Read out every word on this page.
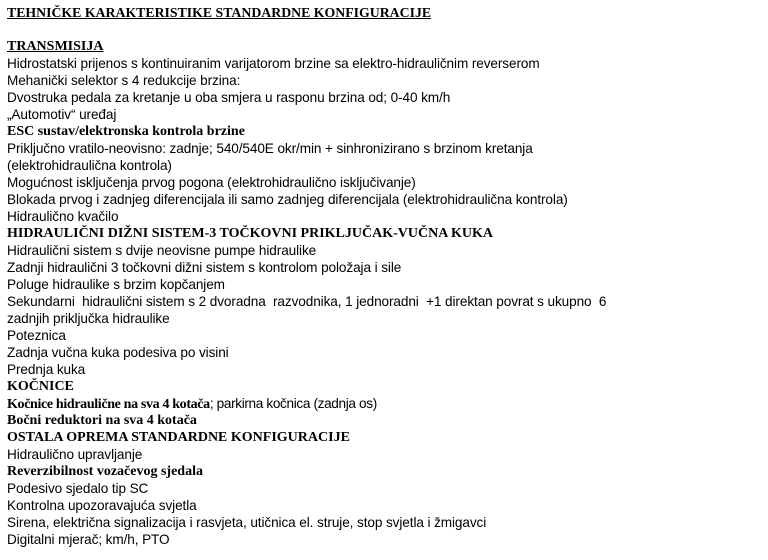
TEHNIČKE KARAKTERISTIKE STANDARDNE KONFIGURACIJE
TRANSMISIJA
Hidrostatski prijenos s kontinuiranim varijatorom brzine sa elektro-hidrauličnim reverserom
Mehanički selektor s 4 redukcije brzina:
Dvostruka pedala za kretanje u oba smjera u rasponu brzina od; 0-40 km/h
„Automotiv“ uređaj
ESC sustav/elektronska kontrola brzine
Priključno vratilo-neovisno: zadnje; 540/540E okr/min + sinhronizirano s brzinom kretanja
(elektrohidraulična kontrola)
Mogućnost isključenja prvog pogona (elektrohidraulično isključivanje)
Blokada prvog i zadnjeg diferencijala ili samo zadnjeg diferencijala (elektrohidraulična kontrola)
Hidraulično kvačilo
HIDRAULIČNI DIŽNI SISTEM-3 TOČKOVNI PRIKLJUČAK-VUČNA KUKA
Hidraulični sistem s dvije neovisne pumpe hidraulike
Zadnji hidraulični 3 točkovni dižni sistem s kontrolom položaja i sile
Poluge hidraulike s brzim kopčanjem
Sekundarni  hidraulični sistem s 2 dvoradna  razvodnika, 1 jednoradni  +1 direktan povrat s ukupno  6
zadnjih priključka hidraulike
Poteznica
Zadnja vučna kuka podesiva po visini
Prednja kuka
KOČNICE
Kočnice hidraulične na sva 4 kotača; parkirna kočnica (zadnja os)
Bočni reduktori na sva 4 kotača
OSTALA OPREMA STANDARDNE KONFIGURACIJE
Hidraulično upravljanje
Reverzibilnost vozačevog sjedala
Podesivo sjedalo tip SC
Kontrolna upozoravajuća svjetla
Sirena, električna signalizacija i rasvjeta, utičnica el. struje, stop svjetla i žmigavci
Digitalni mjerač; km/h, PTO
